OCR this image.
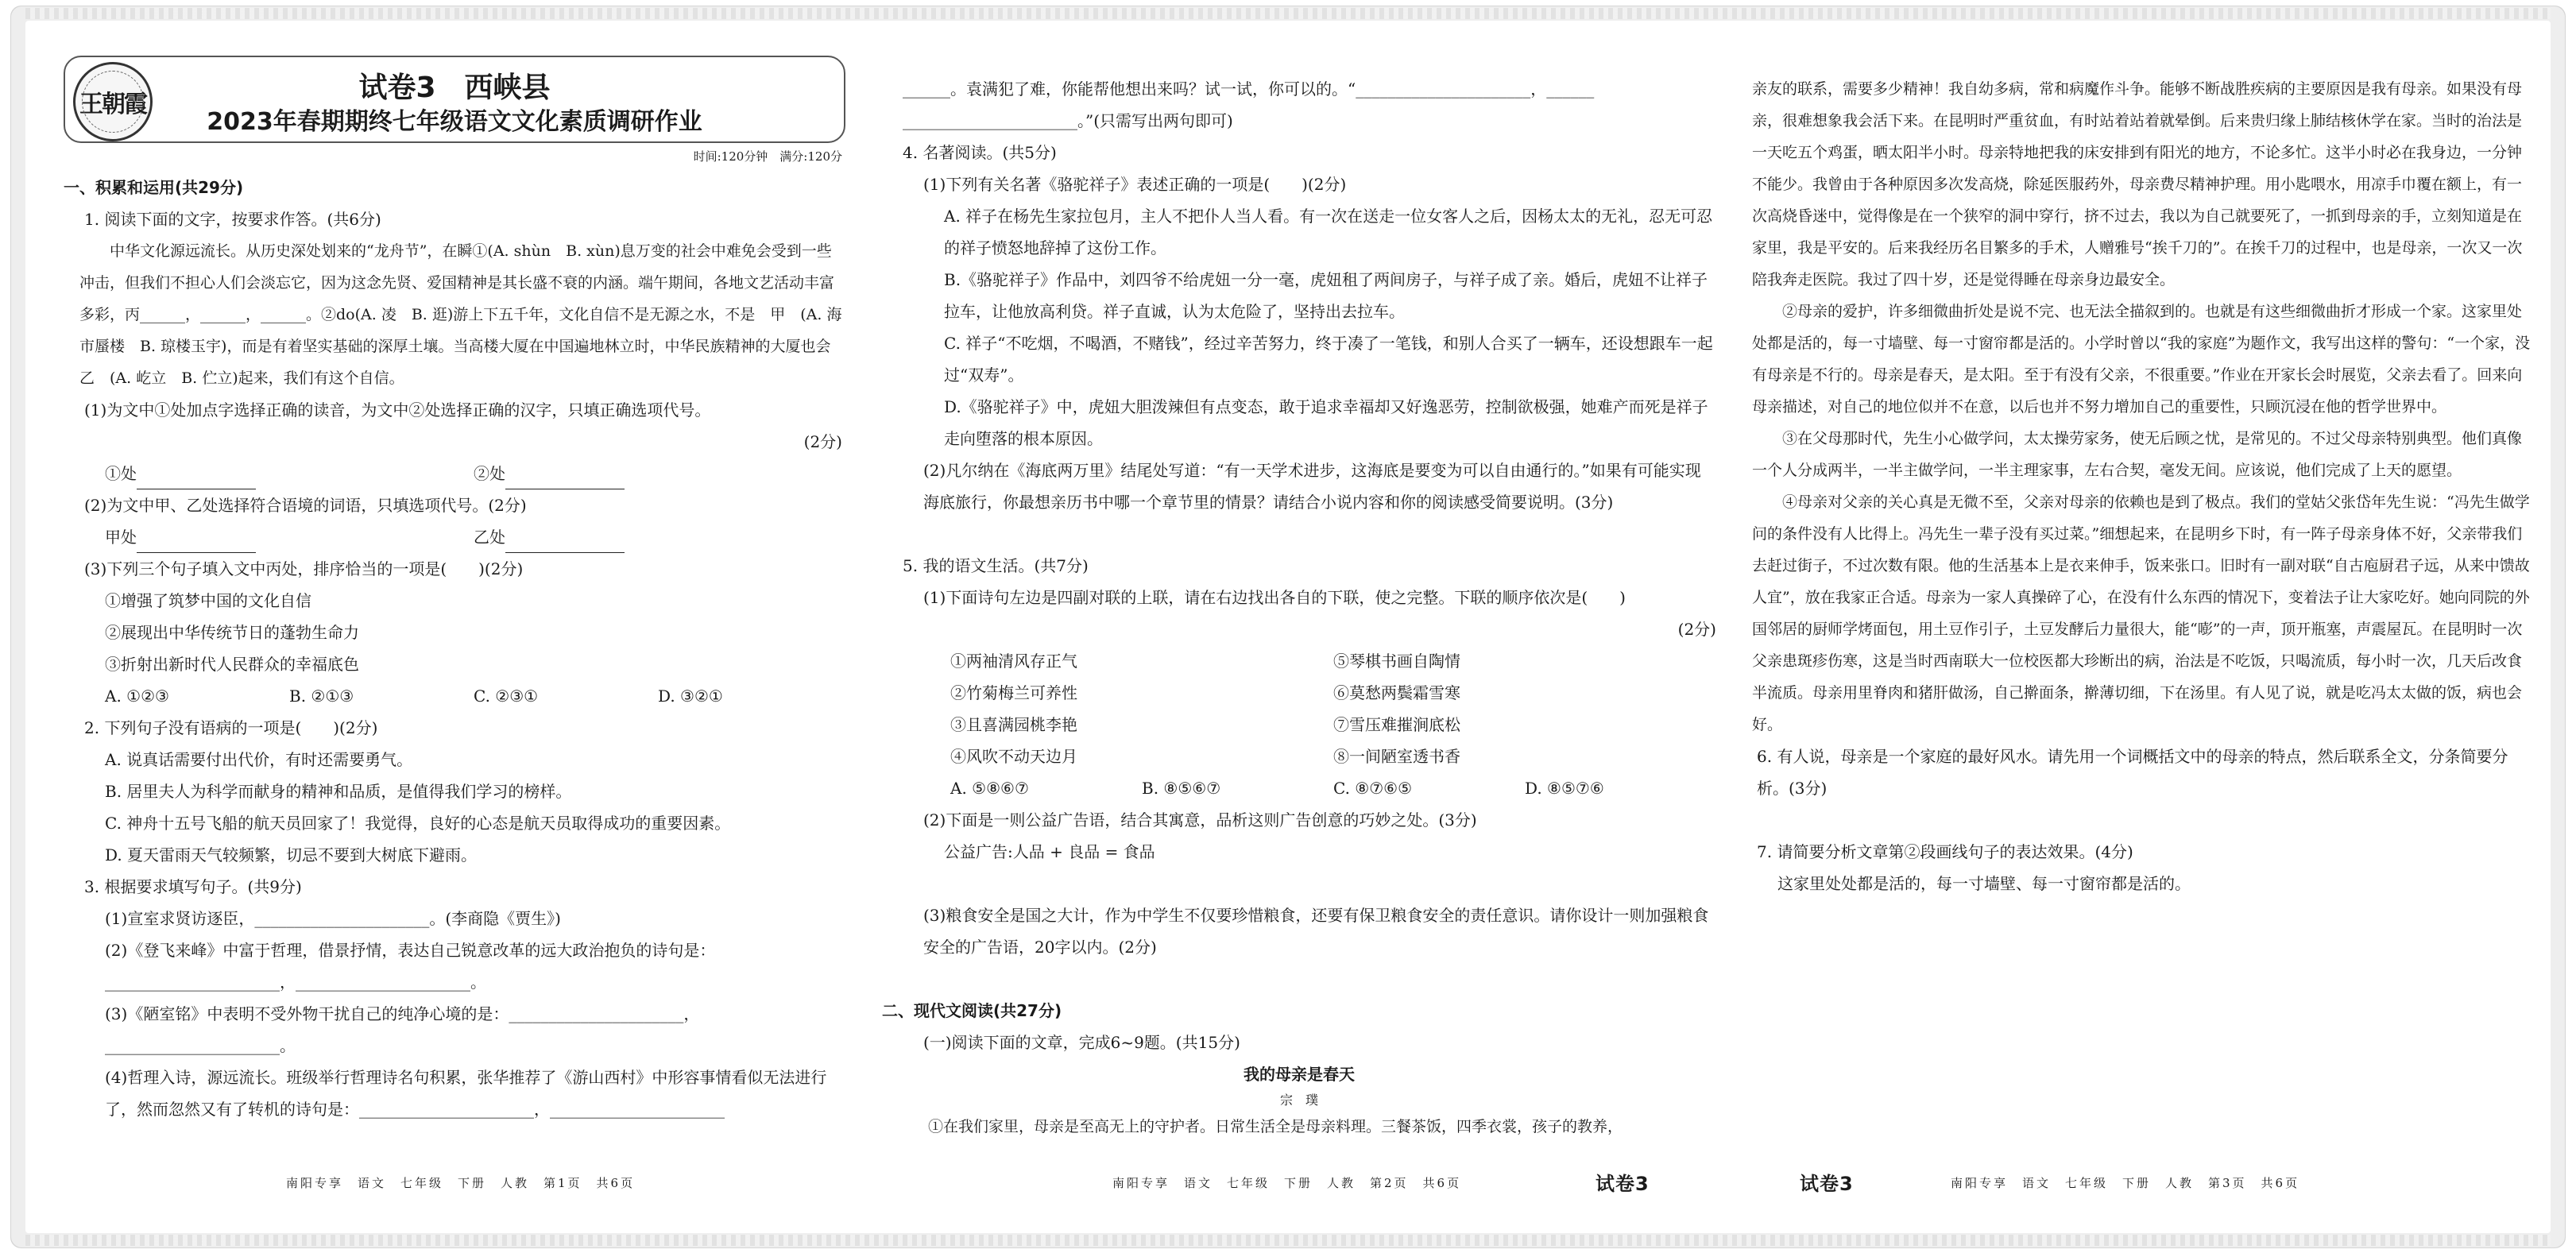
王朝霞
试卷3　西峡县
2023年春期期终七年级语文文化素质调研作业
时间:120分钟　满分:120分
一、积累和运用(共29分)
1. 阅读下面的文字，按要求作答。(共6分)

中华文化源远流长。从历史深处划来的“龙舟节”，在瞬①(A. shùn　B. xùn)息万变的社会中难免会受到一些冲击，但我们不担心人们会淡忘它，因为这念先贤、爱国精神是其长盛不衰的内涵。端午期间，各地文艺活动丰富多彩，丙______，______，______。②do(A. 凌　B. 逛)游上下五千年，文化自信不是无源之水，不是　甲　(A. 海市蜃楼　B. 琼楼玉宇)，而是有着坚实基础的深厚土壤。当高楼大厦在中国遍地林立时，中华民族精神的大厦也会　乙　(A. 屹立　B. 伫立)起来，我们有这个自信。

(1)为文中①处加点字选择正确的读音，为文中②处选择正确的汉字，只填正确选项代号。
(2分)
①处	②处
(2)为文中甲、乙处选择符合语境的词语，只填选项代号。(2分)
甲处	乙处
(3)下列三个句子填入文中丙处，排序恰当的一项是(　　)(2分)
①增强了筑梦中国的文化自信
②展现出中华传统节日的蓬勃生命力
③折射出新时代人民群众的幸福底色
A. ①②③	B. ②①③	C. ②③①	D. ③②①
2. 下列句子没有语病的一项是(　　)(2分)
A. 说真话需要付出代价，有时还需要勇气。
B. 居里夫人为科学而献身的精神和品质，是值得我们学习的榜样。
C. 神舟十五号飞船的航天员回家了！我觉得，良好的心态是航天员取得成功的重要因素。
D. 夏天雷雨天气较频繁，切忌不要到大树底下避雨。
3. 根据要求填写句子。(共9分)
(1)宣室求贤访逐臣，______________________。(李商隐《贾生》)
(2)《登飞来峰》中富于哲理，借景抒情，表达自己锐意改革的远大政治抱负的诗句是：
______________________，______________________。
(3)《陋室铭》中表明不受外物干扰自己的纯净心境的是：______________________，
______________________。
(4)哲理入诗，源远流长。班级举行哲理诗名句积累，张华推荐了《游山西村》中形容事情看似无法进行了，然而忽然又有了转机的诗句是：______________________，______________________
南阳专享　语文　七年级　下册　人教　第1页　共6页
______。袁满犯了难，你能帮他想出来吗？试一试，你可以的。“______________________，______
______________________。”(只需写出两句即可)
4. 名著阅读。(共5分)
(1)下列有关名著《骆驼祥子》表述正确的一项是(　　)(2分)
A. 祥子在杨先生家拉包月，主人不把仆人当人看。有一次在送走一位女客人之后，因杨太太的无礼，忍无可忍的祥子愤怒地辞掉了这份工作。
B.《骆驼祥子》作品中，刘四爷不给虎妞一分一毫，虎妞租了两间房子，与祥子成了亲。婚后，虎妞不让祥子拉车，让他放高利贷。祥子直诚，认为太危险了，坚持出去拉车。
C. 祥子“不吃烟，不喝酒，不赌钱”，经过辛苦努力，终于凑了一笔钱，和别人合买了一辆车，还设想跟车一起过“双寿”。
D.《骆驼祥子》中，虎妞大胆泼辣但有点变态，敢于追求幸福却又好逸恶劳，控制欲极强，她难产而死是祥子走向堕落的根本原因。
(2)凡尔纳在《海底两万里》结尾处写道：“有一天学术进步，这海底是要变为可以自由通行的。”如果有可能实现海底旅行，你最想亲历书中哪一个章节里的情景？请结合小说内容和你的阅读感受简要说明。(3分)
5. 我的语文生活。(共7分)
(1)下面诗句左边是四副对联的上联，请在右边找出各自的下联，使之完整。下联的顺序依次是(　　)
(2分)
①两袖清风存正气	⑤琴棋书画自陶情
②竹菊梅兰可养性	⑥莫愁两鬓霜雪寒
③且喜满园桃李艳	⑦雪压难摧涧底松
④风吹不动天边月	⑧一间陋室透书香
A. ⑤⑧⑥⑦	B. ⑧⑤⑥⑦	C. ⑧⑦⑥⑤	D. ⑧⑤⑦⑥
(2)下面是一则公益广告语，结合其寓意，品析这则广告创意的巧妙之处。(3分)
公益广告:人品 + 良品 = 食品
(3)粮食安全是国之大计，作为中学生不仅要珍惜粮食，还要有保卫粮食安全的责任意识。请你设计一则加强粮食安全的广告语，20字以内。(2分)
二、现代文阅读(共27分)
(一)阅读下面的文章，完成6~9题。(共15分)
我的母亲是春天
宗　璞

①在我们家里，母亲是至高无上的守护者。日常生活全是母亲料理。三餐茶饭，四季衣裳，孩子的教养，

南阳专享　语文　七年级　下册　人教　第2页　共6页	试卷3

亲友的联系，需要多少精神！我自幼多病，常和病魔作斗争。能够不断战胜疾病的主要原因是我有母亲。如果没有母亲，很难想象我会活下来。在昆明时严重贫血，有时站着站着就晕倒。后来贵归缘上肺结核休学在家。当时的治法是一天吃五个鸡蛋，晒太阳半小时。母亲特地把我的床安排到有阳光的地方，不论多忙。这半小时必在我身边，一分钟不能少。我曾由于各种原因多次发高烧，除延医服药外，母亲费尽精神护理。用小匙喂水，用凉手巾覆在额上，有一次高烧昏迷中，觉得像是在一个狭窄的洞中穿行，挤不过去，我以为自己就要死了，一抓到母亲的手，立刻知道是在家里，我是平安的。后来我经历名目繁多的手术，人赠雅号“挨千刀的”。在挨千刀的过程中，也是母亲，一次又一次陪我奔走医院。我过了四十岁，还是觉得睡在母亲身边最安全。

②母亲的爱护，许多细微曲折处是说不完、也无法全描叙到的。也就是有这些细微曲折才形成一个家。这家里处处都是活的，每一寸墙壁、每一寸窗帘都是活的。小学时曾以“我的家庭”为题作文，我写出这样的警句：“一个家，没有母亲是不行的。母亲是春天，是太阳。至于有没有父亲，不很重要。”作业在开家长会时展览，父亲去看了。回来向母亲描述，对自己的地位似并不在意，以后也并不努力增加自己的重要性，只顾沉浸在他的哲学世界中。

③在父母那时代，先生小心做学问，太太操劳家务，使无后顾之忧，是常见的。不过父母亲特别典型。他们真像一个人分成两半，一半主做学问，一半主理家事，左右合契，毫发无间。应该说，他们完成了上天的愿望。

④母亲对父亲的关心真是无微不至，父亲对母亲的依赖也是到了极点。我们的堂姑父张岱年先生说：“冯先生做学问的条件没有人比得上。冯先生一辈子没有买过菜。”细想起来，在昆明乡下时，有一阵子母亲身体不好，父亲带我们去赶过街子，不过次数有限。他的生活基本上是衣来伸手，饭来张口。旧时有一副对联“自古庖厨君子远，从来中馈故人宜”，放在我家正合适。母亲为一家人真操碎了心，在没有什么东西的情况下，变着法子让大家吃好。她向同院的外国邻居的厨师学烤面包，用土豆作引子，土豆发酵后力量很大，能“嘭”的一声，顶开瓶塞，声震屋瓦。在昆明时一次父亲患斑疹伤寒，这是当时西南联大一位校医都大珍断出的病，治法是不吃饭，只喝流质，每小时一次，几天后改食半流质。母亲用里脊肉和猪肝做汤，自己擀面条，擀薄切细，下在汤里。有人见了说，就是吃冯太太做的饭，病也会好。

6. 有人说，母亲是一个家庭的最好风水。请先用一个词概括文中的母亲的特点，然后联系全文，分条简要分析。(3分)
7. 请简要分析文章第②段画线句子的表达效果。(4分)
这家里处处都是活的，每一寸墙壁、每一寸窗帘都是活的。
试卷3	南阳专享　语文　七年级　下册　人教　第3页　共6页
